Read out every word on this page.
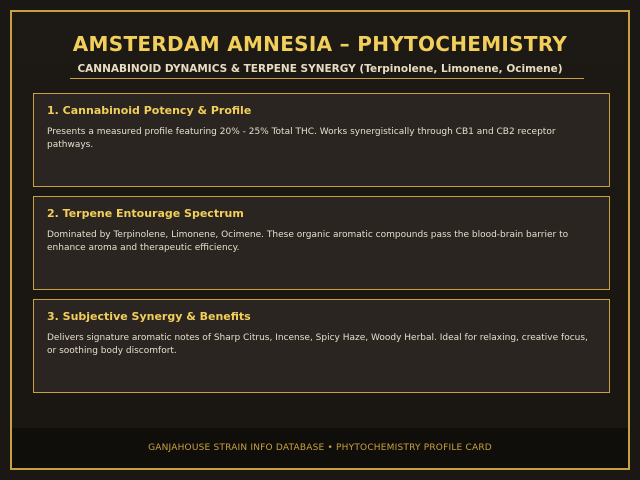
AMSTERDAM AMNESIA – PHYTOCHEMISTRY
CANNABINOID DYNAMICS & TERPENE SYNERGY (Terpinolene, Limonene, Ocimene)
1. Cannabinoid Potency & Profile
Presents a measured profile featuring 20% - 25% Total THC. Works synergistically through CB1 and CB2 receptor pathways.
2. Terpene Entourage Spectrum
Dominated by Terpinolene, Limonene, Ocimene. These organic aromatic compounds pass the blood-brain barrier to enhance aroma and therapeutic efficiency.
3. Subjective Synergy & Benefits
Delivers signature aromatic notes of Sharp Citrus, Incense, Spicy Haze, Woody Herbal. Ideal for relaxing, creative focus, or soothing body discomfort.
GANJAHOUSE STRAIN INFO DATABASE • PHYTOCHEMISTRY PROFILE CARD
